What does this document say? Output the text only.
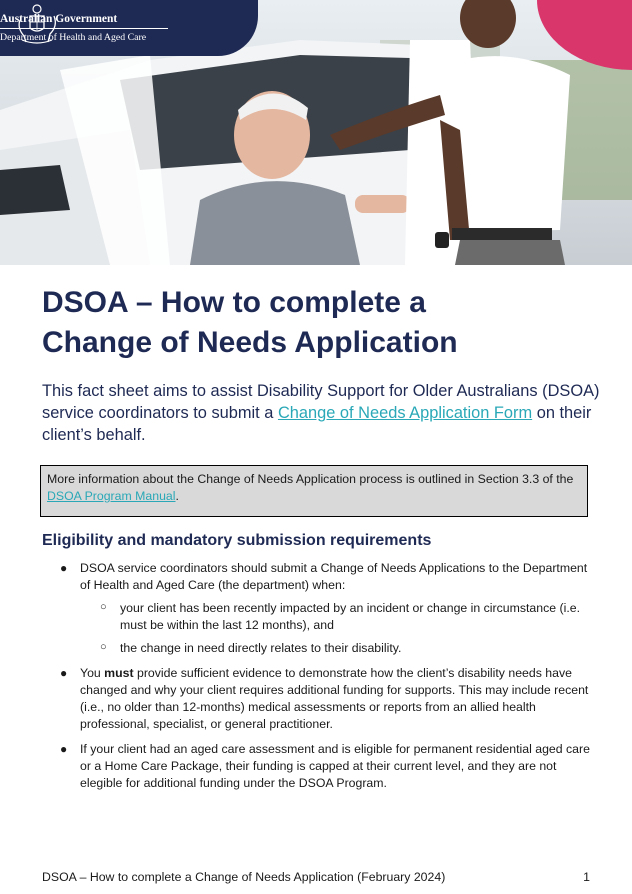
Australian Government
Department of Health and Aged Care
DSOA – How to complete a
Change of Needs Application

This fact sheet aims to assist Disability Support for Older Australians (DSOA) service coordinators to submit a Change of Needs Application Form on their client’s behalf.

More information about the Change of Needs Application process is outlined in Section 3.3 of the DSOA Program Manual.
Eligibility and mandatory submission requirements
● DSOA service coordinators should submit a Change of Needs Applications to the Department of Health and Aged Care (the department) when:
○ your client has been recently impacted by an incident or change in circumstance (i.e. must be within the last 12 months), and
○ the change in need directly relates to their disability.
● You must provide sufficient evidence to demonstrate how the client’s disability needs have changed and why your client requires additional funding for supports. This may include recent (i.e., no older than 12-months) medical assessments or reports from an allied health professional, specialist, or general practitioner.
● If your client had an aged care assessment and is eligible for permanent residential aged care or a Home Care Package, their funding is capped at their current level, and they are not elegible for additional funding under the DSOA Program.
DSOA – How to complete a Change of Needs Application (February 2024)	1
